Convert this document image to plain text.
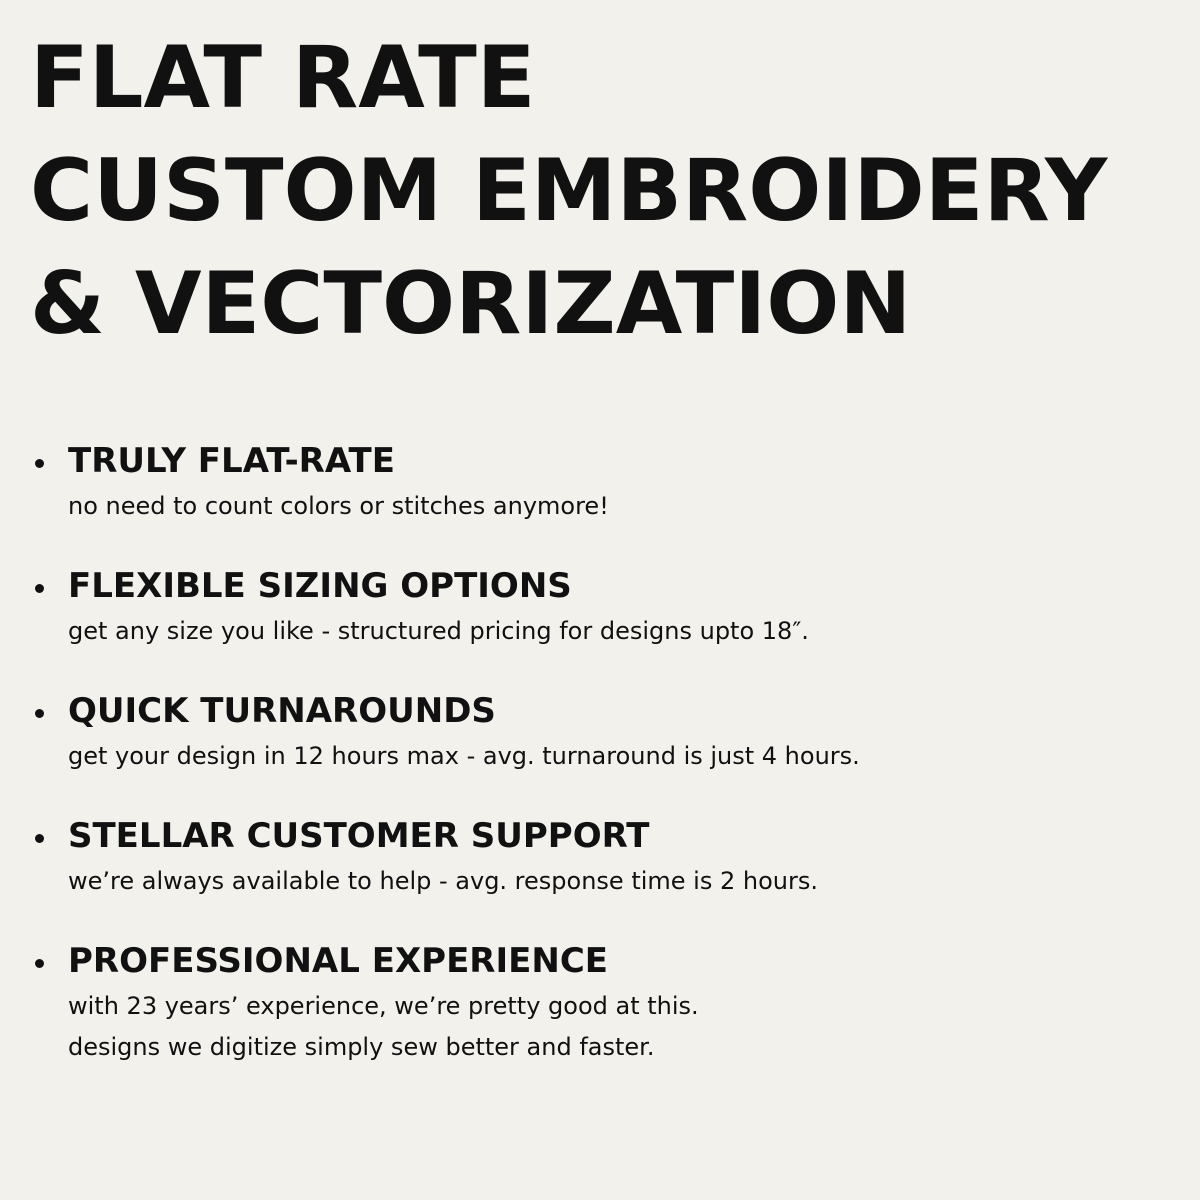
FLAT RATE
CUSTOM EMBROIDERY
& VECTORIZATION
TRULY FLAT-RATE
no need to count colors or stitches anymore!
FLEXIBLE SIZING OPTIONS
get any size you like - structured pricing for designs upto 18″.
QUICK TURNAROUNDS
get your design in 12 hours max - avg. turnaround is just 4 hours.
STELLAR CUSTOMER SUPPORT
we’re always available to help - avg. response time is 2 hours.
PROFESSIONAL EXPERIENCE
with 23 years’ experience, we’re pretty good at this.
designs we digitize simply sew better and faster.
